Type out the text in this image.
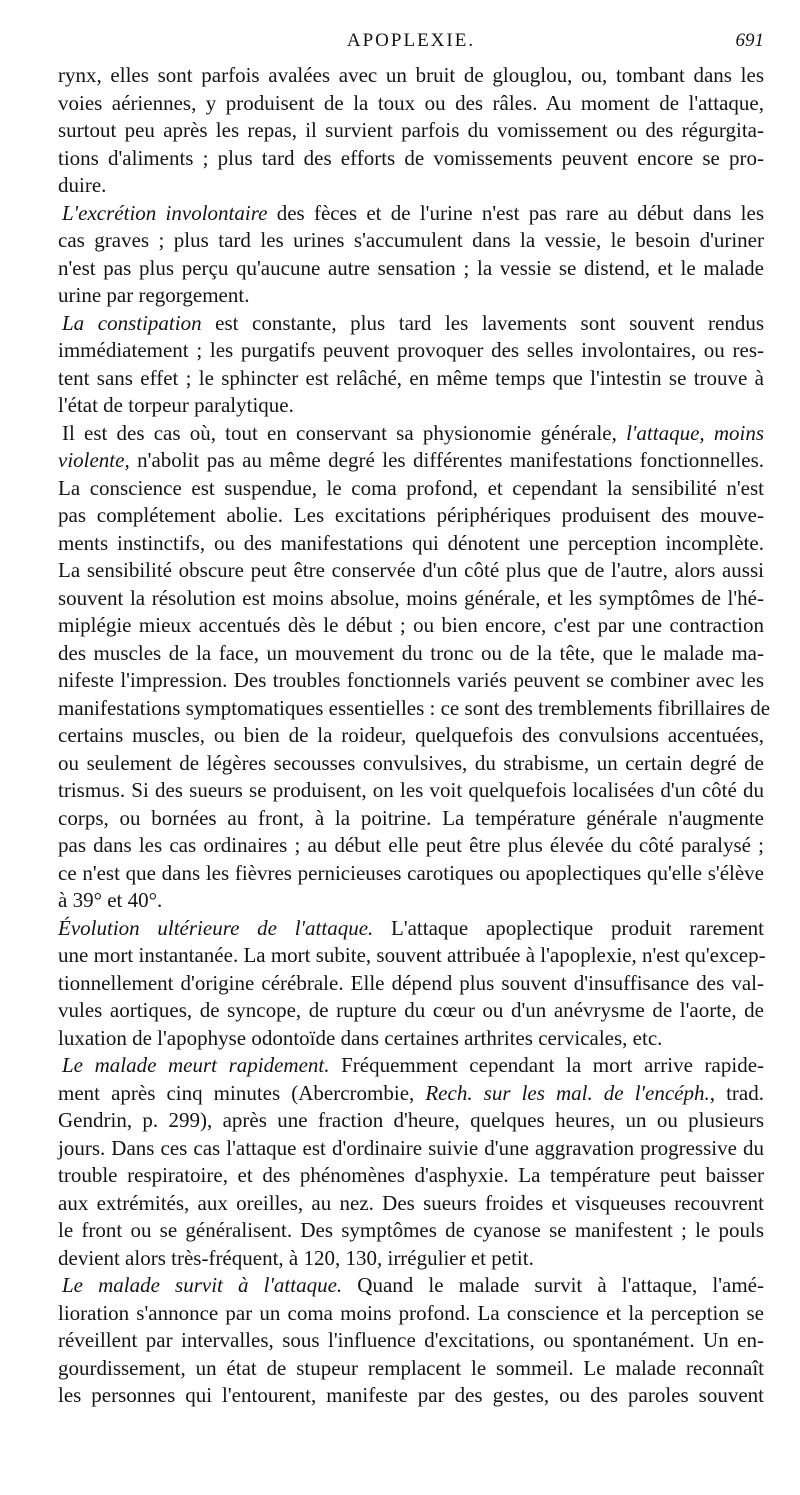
APOPLEXIE.	691

rynx, elles sont parfois avalées avec un bruit de glouglou, ou, tombant dans les
voies aériennes, y produisent de la toux ou des râles. Au moment de l'attaque,
surtout peu après les repas, il survient parfois du vomissement ou des régurgita-
tions d'aliments ; plus tard des efforts de vomissements peuvent encore se pro-
duire.

L'excrétion involontaire des fèces et de l'urine n'est pas rare au début dans les
cas graves ; plus tard les urines s'accumulent dans la vessie, le besoin d'uriner
n'est pas plus perçu qu'aucune autre sensation ; la vessie se distend, et le malade
urine par regorgement.

La constipation est constante, plus tard les lavements sont souvent rendus
immédiatement ; les purgatifs peuvent provoquer des selles involontaires, ou res-
tent sans effet ; le sphincter est relâché, en même temps que l'intestin se trouve à
l'état de torpeur paralytique.

Il est des cas où, tout en conservant sa physionomie générale, l'attaque, moins
violente, n'abolit pas au même degré les différentes manifestations fonctionnelles.
La conscience est suspendue, le coma profond, et cependant la sensibilité n'est
pas complétement abolie. Les excitations périphériques produisent des mouve-
ments instinctifs, ou des manifestations qui dénotent une perception incomplète.
La sensibilité obscure peut être conservée d'un côté plus que de l'autre, alors aussi
souvent la résolution est moins absolue, moins générale, et les symptômes de l'hé-
miplégie mieux accentués dès le début ; ou bien encore, c'est par une contraction
des muscles de la face, un mouvement du tronc ou de la tête, que le malade ma-
nifeste l'impression. Des troubles fonctionnels variés peuvent se combiner avec les
manifestations symptomatiques essentielles : ce sont des tremblements fibrillaires de
certains muscles, ou bien de la roideur, quelquefois des convulsions accentuées,
ou seulement de légères secousses convulsives, du strabisme, un certain degré de
trismus. Si des sueurs se produisent, on les voit quelquefois localisées d'un côté du
corps, ou bornées au front, à la poitrine. La température générale n'augmente
pas dans les cas ordinaires ; au début elle peut être plus élevée du côté paralysé ;
ce n'est que dans les fièvres pernicieuses carotiques ou apoplectiques qu'elle s'élève
à 39° et 40°.

Évolution ultérieure de l'attaque. L'attaque apoplectique produit rarement
une mort instantanée. La mort subite, souvent attribuée à l'apoplexie, n'est qu'excep-
tionnellement d'origine cérébrale. Elle dépend plus souvent d'insuffisance des val-
vules aortiques, de syncope, de rupture du cœur ou d'un anévrysme de l'aorte, de
luxation de l'apophyse odontoïde dans certaines arthrites cervicales, etc.

Le malade meurt rapidement. Fréquemment cependant la mort arrive rapide-
ment après cinq minutes (Abercrombie, Rech. sur les mal. de l'encéph., trad.
Gendrin, p. 299), après une fraction d'heure, quelques heures, un ou plusieurs
jours. Dans ces cas l'attaque est d'ordinaire suivie d'une aggravation progressive du
trouble respiratoire, et des phénomènes d'asphyxie. La température peut baisser
aux extrémités, aux oreilles, au nez. Des sueurs froides et visqueuses recouvrent
le front ou se généralisent. Des symptômes de cyanose se manifestent ; le pouls
devient alors très-fréquent, à 120, 130, irrégulier et petit.

Le malade survit à l'attaque. Quand le malade survit à l'attaque, l'amé-
lioration s'annonce par un coma moins profond. La conscience et la perception se
réveillent par intervalles, sous l'influence d'excitations, ou spontanément. Un en-
gourdissement, un état de stupeur remplacent le sommeil. Le malade reconnaît
les personnes qui l'entourent, manifeste par des gestes, ou des paroles souvent
